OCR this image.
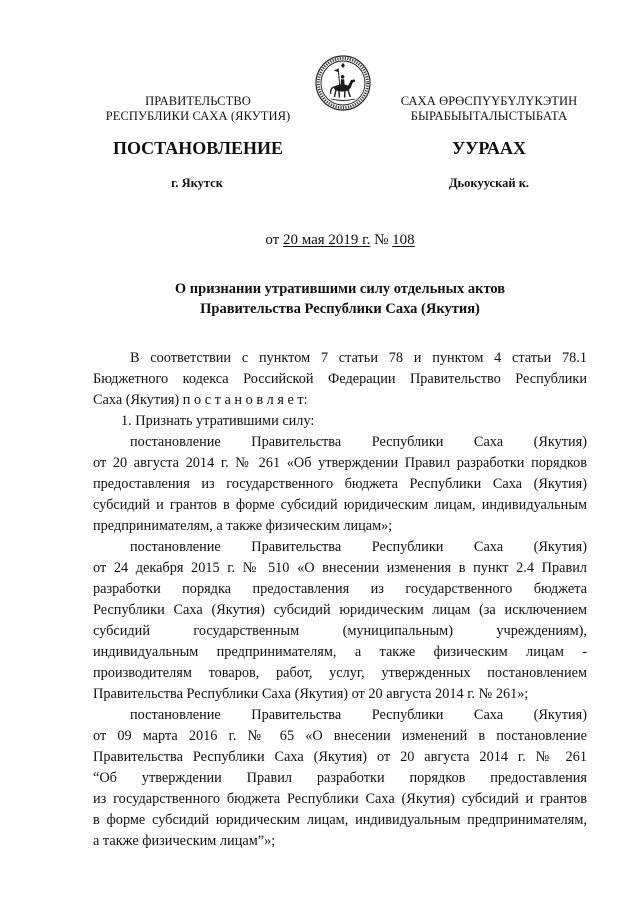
ПРАВИТЕЛЬСТВО
РЕСПУБЛИКИ САХА (ЯКУТИЯ)
САХА ӨРӨСПҮҮБҮЛҮКЭТИН
БЫРАБЫЫТАЛЫСТЫБАТА
ПОСТАНОВЛЕНИЕ	УУРААХ
г. Якутск	Дьокуускай к.
от 20 мая 2019 г. № 108
О признании утратившими силу отдельных актов
Правительства Республики Саха (Якутия)
В соответствии с пунктом 7 статьи 78 и пунктом 4 статьи 78.1
Бюджетного кодекса Российской Федерации Правительство Республики
Саха (Якутия) п о с т а н о в л я е т:
1. Признать утратившими силу:
постановление Правительства Республики Саха (Якутия)
от 20 августа 2014 г. № 261 «Об утверждении Правил разработки порядков
предоставления из государственного бюджета Республики Саха (Якутия)
субсидий и грантов в форме субсидий юридическим лицам, индивидуальным
предпринимателям, а также физическим лицам»;
постановление Правительства Республики Саха (Якутия)
от 24 декабря 2015 г. № 510 «О внесении изменения в пункт 2.4 Правил
разработки порядка предоставления из государственного бюджета
Республики Саха (Якутия) субсидий юридическим лицам (за исключением
субсидий государственным (муниципальным) учреждениям),
индивидуальным предпринимателям, а также физическим лицам -
производителям товаров, работ, услуг, утвержденных постановлением
Правительства Республики Саха (Якутия) от 20 августа 2014 г. № 261»;
постановление Правительства Республики Саха (Якутия)
от 09 марта 2016 г. № 65 «О внесении изменений в постановление
Правительства Республики Саха (Якутия) от 20 августа 2014 г. № 261
“Об утверждении Правил разработки порядков предоставления
из государственного бюджета Республики Саха (Якутия) субсидий и грантов
в форме субсидий юридическим лицам, индивидуальным предпринимателям,
а также физическим лицам”»;
